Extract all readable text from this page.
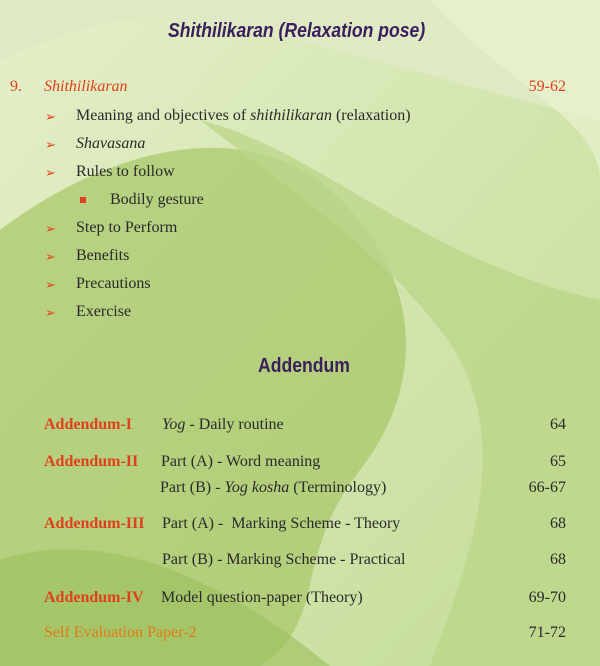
Shithilikaran (Relaxation pose)
9. Shithilikaran	59-62
➢ Meaning and objectives of shithilikaran (relaxation)
➢ Shavasana
➢ Rules to follow
Bodily gesture
➢ Step to Perform
➢ Benefits
➢ Precautions
➢ Exercise
Addendum
Addendum-I Yog - Daily routine	64
Addendum-II Part (A) - Word meaning	65
Part (B) - Yog kosha (Terminology)	66-67
Addendum-III Part (A) -  Marking Scheme - Theory	68
Part (B) - Marking Scheme - Practical	68
Addendum-IV Model question-paper (Theory)	69-70
Self Evaluation Paper-2	71-72
